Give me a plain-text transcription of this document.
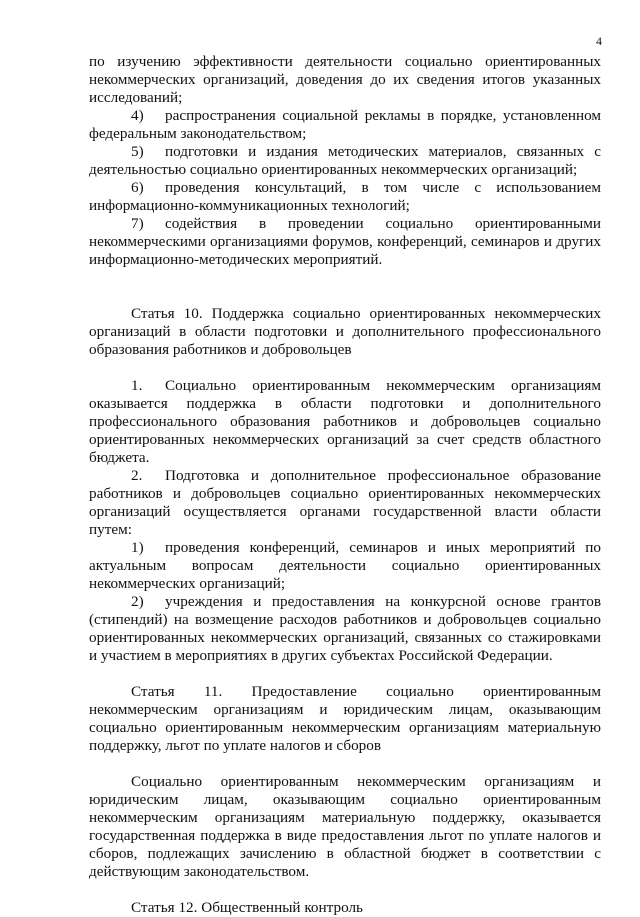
4

по изучению эффективности деятельности социально ориентированных некоммерческих организаций, доведения до их сведения итогов указанных исследований;

4) распространения социальной рекламы в порядке, установленном федеральным законодательством;

5) подготовки и издания методических материалов, связанных с деятельностью социально ориентированных некоммерческих организаций;

6) проведения консультаций, в том числе с использованием информационно-коммуникационных технологий;

7) содействия в проведении социально ориентированными некоммерческими организациями форумов, конференций, семинаров и других информационно-методических мероприятий.

Статья 10. Поддержка социально ориентированных некоммерческих организаций в области подготовки и дополнительного профессионального образования работников и добровольцев

1. Социально ориентированным некоммерческим организациям оказывается поддержка в области подготовки и дополнительного профессионального образования работников и добровольцев социально ориентированных некоммерческих организаций за счет средств областного бюджета.

2. Подготовка и дополнительное профессиональное образование работников и добровольцев социально ориентированных некоммерческих организаций осуществляется органами государственной власти области путем:

1) проведения конференций, семинаров и иных мероприятий по актуальным вопросам деятельности социально ориентированных некоммерческих организаций;

2) учреждения и предоставления на конкурсной основе грантов (стипендий) на возмещение расходов работников и добровольцев социально ориентированных некоммерческих организаций, связанных со стажировками и участием в мероприятиях в других субъектах Российской Федерации.

Статья 11. Предоставление социально ориентированным некоммерческим организациям и юридическим лицам, оказывающим социально ориентированным некоммерческим организациям материальную поддержку, льгот по уплате налогов и сборов

Социально ориентированным некоммерческим организациям и юридическим лицам, оказывающим социально ориентированным некоммерческим организациям материальную поддержку, оказывается государственная поддержка в виде предоставления льгот по уплате налогов и сборов, подлежащих зачислению в областной бюджет в соответствии с действующим законодательством.

Статья 12. Общественный контроль
